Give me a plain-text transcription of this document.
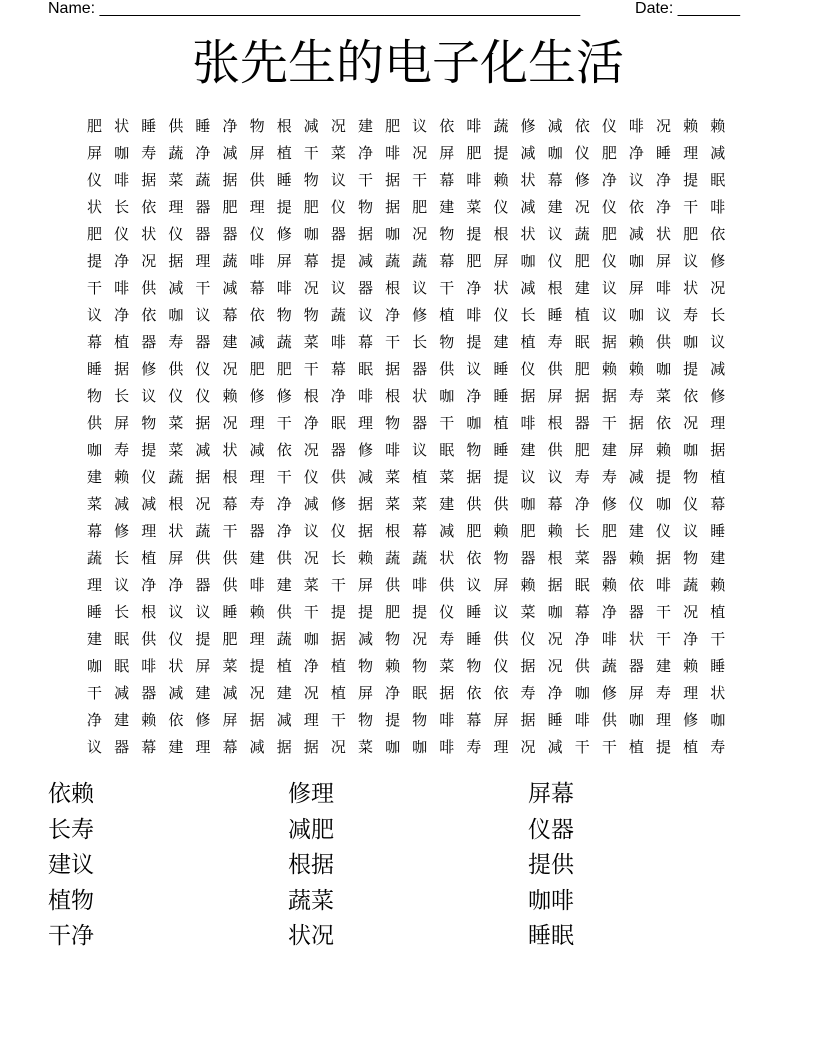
Name: ______________________________________________________	Date: _______
张先生的电子化生活
肥 状 睡 供 睡 净 物 根 减 况 建 肥 议 依 啡 蔬 修 减 依 仪 啡 况 赖 赖
屏 咖 寿 蔬 净 减 屏 植 干 菜 净 啡 况 屏 肥 提 减 咖 仪 肥 净 睡 理 减
仪 啡 据 菜 蔬 据 供 睡 物 议 干 据 干 幕 啡 赖 状 幕 修 净 议 净 提 眠
状 长 依 理 器 肥 理 提 肥 仪 物 据 肥 建 菜 仪 减 建 况 仪 依 净 干 啡
肥 仪 状 仪 器 器 仪 修 咖 器 据 咖 况 物 提 根 状 议 蔬 肥 减 状 肥 依
提 净 况 据 理 蔬 啡 屏 幕 提 减 蔬 蔬 幕 肥 屏 咖 仪 肥 仪 咖 屏 议 修
干 啡 供 减 干 减 幕 啡 况 议 器 根 议 干 净 状 减 根 建 议 屏 啡 状 况
议 净 依 咖 议 幕 依 物 物 蔬 议 净 修 植 啡 仪 长 睡 植 议 咖 议 寿 长
幕 植 器 寿 器 建 减 蔬 菜 啡 幕 干 长 物 提 建 植 寿 眠 据 赖 供 咖 议
睡 据 修 供 仪 况 肥 肥 干 幕 眠 据 器 供 议 睡 仪 供 肥 赖 赖 咖 提 减
物 长 议 仪 仪 赖 修 修 根 净 啡 根 状 咖 净 睡 据 屏 据 据 寿 菜 依 修
供 屏 物 菜 据 况 理 干 净 眠 理 物 器 干 咖 植 啡 根 器 干 据 依 况 理
咖 寿 提 菜 减 状 减 依 况 器 修 啡 议 眠 物 睡 建 供 肥 建 屏 赖 咖 据
建 赖 仪 蔬 据 根 理 干 仪 供 减 菜 植 菜 据 提 议 议 寿 寿 减 提 物 植
菜 减 减 根 况 幕 寿 净 减 修 据 菜 菜 建 供 供 咖 幕 净 修 仪 咖 仪 幕
幕 修 理 状 蔬 干 器 净 议 仪 据 根 幕 减 肥 赖 肥 赖 长 肥 建 仪 议 睡
蔬 长 植 屏 供 供 建 供 况 长 赖 蔬 蔬 状 依 物 器 根 菜 器 赖 据 物 建
理 议 净 净 器 供 啡 建 菜 干 屏 供 啡 供 议 屏 赖 据 眠 赖 依 啡 蔬 赖
睡 长 根 议 议 睡 赖 供 干 提 提 肥 提 仪 睡 议 菜 咖 幕 净 器 干 况 植
建 眠 供 仪 提 肥 理 蔬 咖 据 减 物 况 寿 睡 供 仪 况 净 啡 状 干 净 干
咖 眠 啡 状 屏 菜 提 植 净 植 物 赖 物 菜 物 仪 据 况 供 蔬 器 建 赖 睡
干 减 器 减 建 减 况 建 况 植 屏 净 眠 据 依 依 寿 净 咖 修 屏 寿 理 状
净 建 赖 依 修 屏 据 减 理 干 物 提 物 啡 幕 屏 据 睡 啡 供 咖 理 修 咖
议 器 幕 建 理 幕 减 据 据 况 菜 咖 咖 啡 寿 理 况 减 干 干 植 提 植 寿
依赖
长寿
建议
植物
干净
修理
减肥
根据
蔬菜
状况
屏幕
仪器
提供
咖啡
睡眠
